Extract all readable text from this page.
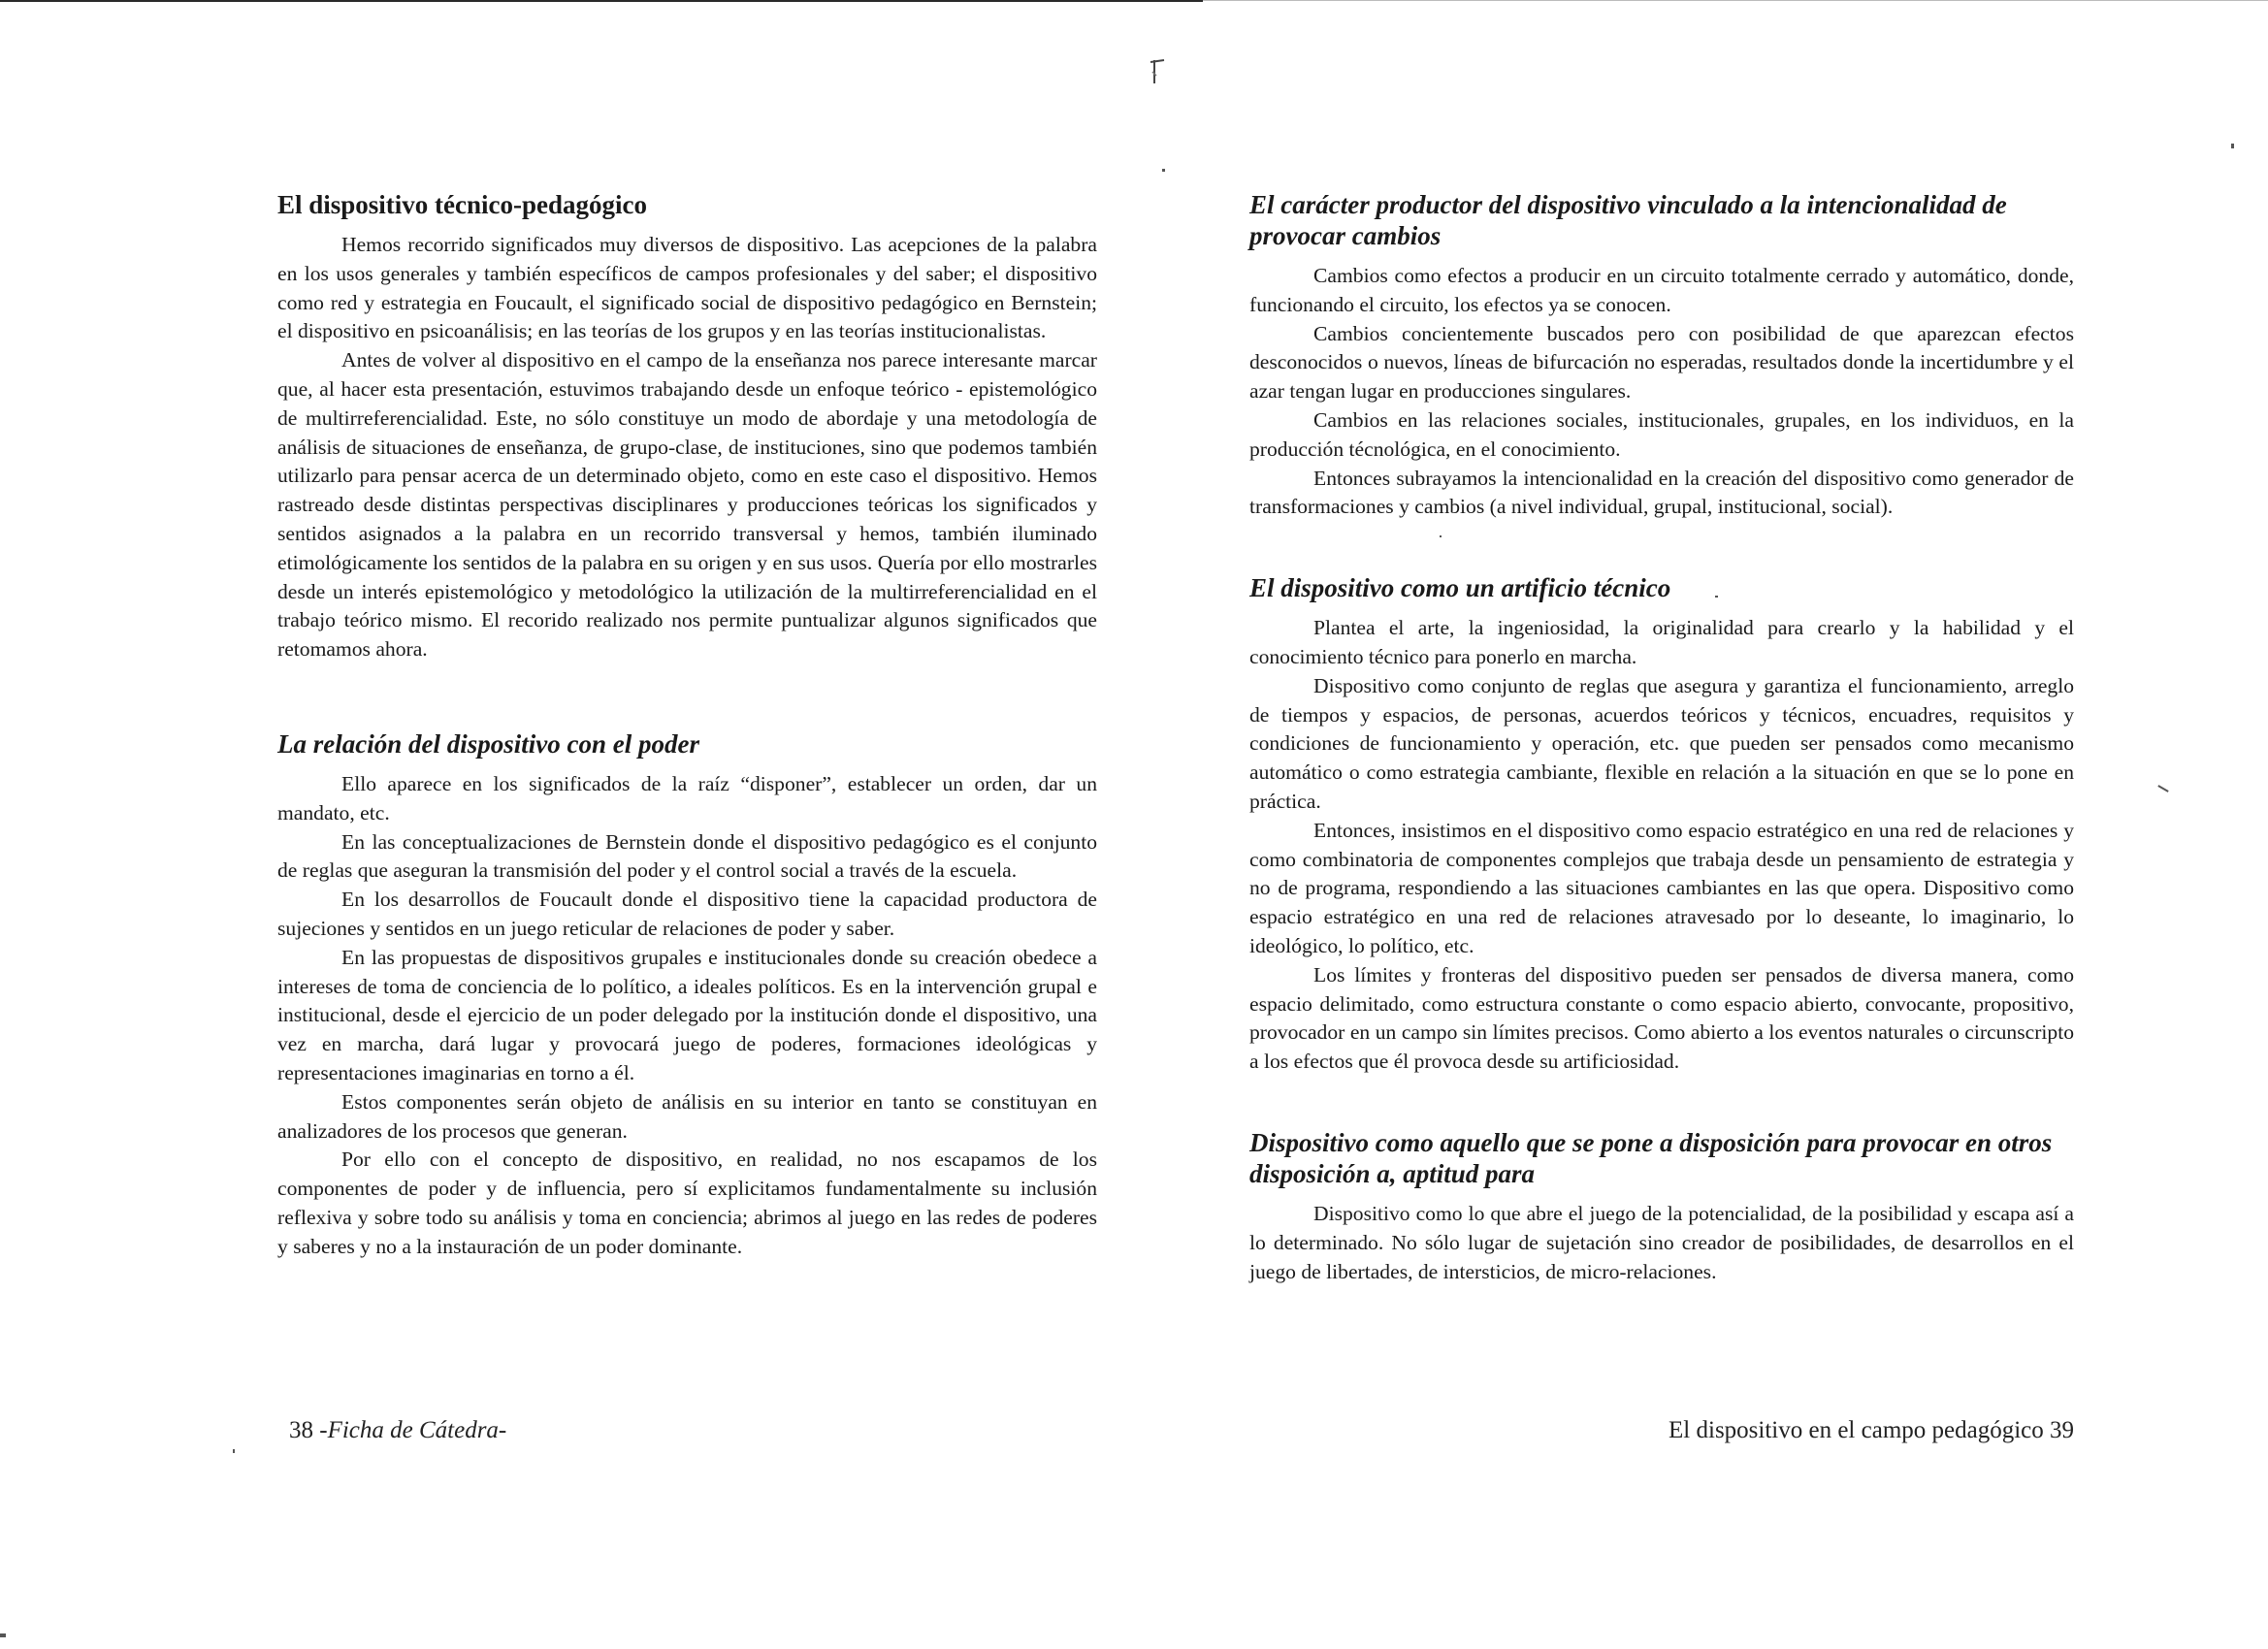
El dispositivo técnico-pedagógico

Hemos recorrido significados muy diversos de dispositivo. Las acepciones de la palabra en los usos generales y también específicos de campos profesionales y del saber; el dispositivo como red y estrategia en Foucault, el significado social de dispositivo pedagógico en Bernstein; el dispositivo en psicoanálisis; en las teorías de los grupos y en las teorías institucionalistas.

Antes de volver al dispositivo en el campo de la enseñanza nos parece interesante marcar que, al hacer esta presentación, estuvimos trabajando desde un enfoque teórico - epistemológico de multirreferencialidad. Este, no sólo constituye un modo de abordaje y una metodología de análisis de situaciones de enseñanza, de grupo-clase, de instituciones, sino que podemos también utilizarlo para pensar acerca de un determinado objeto, como en este caso el dispositivo. Hemos rastreado desde distintas perspectivas disciplinares y producciones teóricas los significados y sentidos asignados a la palabra en un recorrido transversal y hemos, también iluminado etimológicamente los sentidos de la palabra en su origen y en sus usos. Quería por ello mostrarles desde un interés epistemológico y metodológico la utilización de la multirreferencialidad en el trabajo teórico mismo. El recorido realizado nos permite puntualizar algunos significados que retomamos ahora.

La relación del dispositivo con el poder

Ello aparece en los significados de la raíz “disponer”, establecer un orden, dar un mandato, etc.

En las conceptualizaciones de Bernstein donde el dispositivo pedagógico es el conjunto de reglas que aseguran la transmisión del poder y el control social a través de la escuela.

En los desarrollos de Foucault donde el dispositivo tiene la capacidad productora de sujeciones y sentidos en un juego reticular de relaciones de poder y saber.

En las propuestas de dispositivos grupales e institucionales donde su creación obedece a intereses de toma de conciencia de lo político, a ideales políticos. Es en la intervención grupal e institucional, desde el ejercicio de un poder delegado por la institución donde el dispositivo, una vez en marcha, dará lugar y provocará juego de poderes, formaciones ideológicas y representaciones imaginarias en torno a él.

Estos componentes serán objeto de análisis en su interior en tanto se constituyan en analizadores de los procesos que generan.

Por ello con el concepto de dispositivo, en realidad, no nos escapamos de los componentes de poder y de influencia, pero sí explicitamos fundamentalmente su inclusión reflexiva y sobre todo su análisis y toma en conciencia; abrimos al juego en las redes de poderes y saberes y no a la instauración de un poder dominante.

38 -Ficha de Cátedra-
El carácter productor del dispositivo vinculado a la intencionalidad de provocar cambios

Cambios como efectos a producir en un circuito totalmente cerrado y automático, donde, funcionando el circuito, los efectos ya se conocen.

Cambios concientemente buscados pero con posibilidad de que aparezcan efectos desconocidos o nuevos, líneas de bifurcación no esperadas, resultados donde la incertidumbre y el azar tengan lugar en producciones singulares.

Cambios en las relaciones sociales, institucionales, grupales, en los individuos, en la producción técnológica, en el conocimiento.

Entonces subrayamos la intencionalidad en la creación del dispositivo como generador de transformaciones y cambios (a nivel individual, grupal, institucional, social).

El dispositivo como un artificio técnico

Plantea el arte, la ingeniosidad, la originalidad para crearlo y la habilidad y el conocimiento técnico para ponerlo en marcha.

Dispositivo como conjunto de reglas que asegura y garantiza el funcionamiento, arreglo de tiempos y espacios, de personas, acuerdos teóricos y técnicos, encuadres, requisitos y condiciones de funcionamiento y operación, etc. que pueden ser pensados como mecanismo automático o como estrategia cambiante, flexible en relación a la situación en que se lo pone en práctica.

Entonces, insistimos en el dispositivo como espacio estratégico en una red de relaciones y como combinatoria de componentes complejos que trabaja desde un pensamiento de estrategia y no de programa, respondiendo a las situaciones cambiantes en las que opera. Dispositivo como espacio estratégico en una red de relaciones atravesado por lo deseante, lo imaginario, lo ideológico, lo político, etc.

Los límites y fronteras del dispositivo pueden ser pensados de diversa manera, como espacio delimitado, como estructura constante o como espacio abierto, convocante, propositivo, provocador en un campo sin límites precisos. Como abierto a los eventos naturales o circunscripto a los efectos que él provoca desde su artificiosidad.

Dispositivo como aquello que se pone a disposición para provocar en otros disposición a, aptitud para

Dispositivo como lo que abre el juego de la potencialidad, de la posibilidad y escapa así a lo determinado. No sólo lugar de sujetación sino creador de posibilidades, de desarrollos en el juego de libertades, de intersticios, de micro-relaciones.

El dispositivo en el campo pedagógico 39
